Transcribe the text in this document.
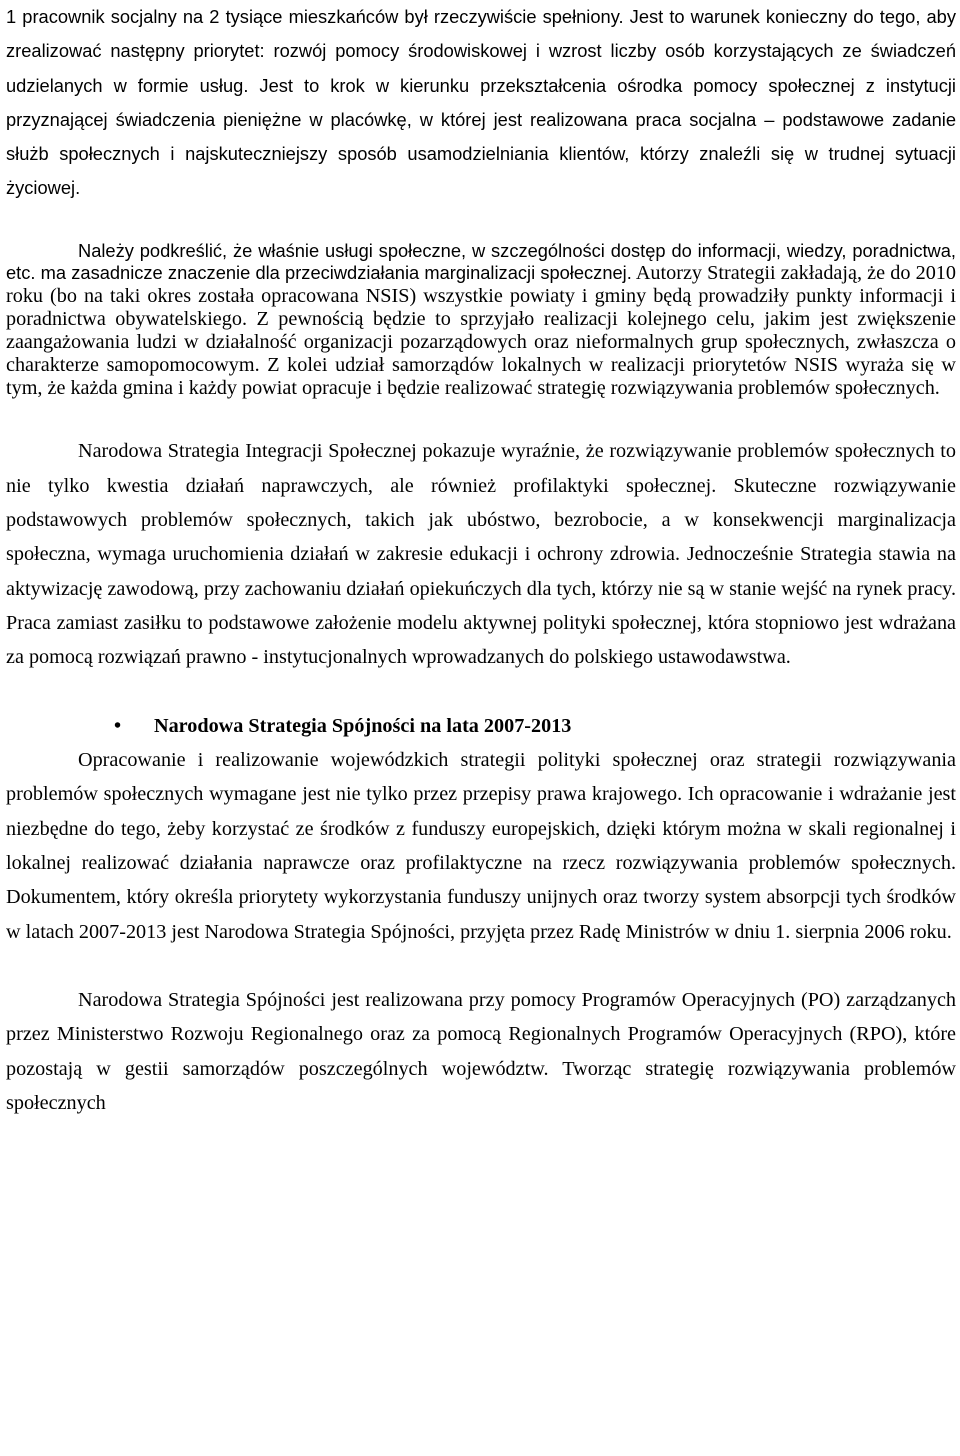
1 pracownik socjalny na 2 tysiące mieszkańców był rzeczywiście spełniony. Jest to warunek konieczny do tego, aby zrealizować następny priorytet: rozwój pomocy środowiskowej i wzrost liczby osób korzystających ze świadczeń udzielanych w formie usług. Jest to krok w kierunku przekształcenia ośrodka pomocy społecznej z instytucji przyznającej świadczenia pieniężne w placówkę, w której jest realizowana praca socjalna – podstawowe zadanie służb społecznych i najskuteczniejszy sposób usamodzielniania klientów, którzy znaleźli się w trudnej sytuacji życiowej.

Należy podkreślić, że właśnie usługi społeczne, w szczególności dostęp do informacji, wiedzy, poradnictwa, etc. ma zasadnicze znaczenie dla przeciwdziałania marginalizacji społecznej. Autorzy Strategii zakładają, że do 2010 roku (bo na taki okres została opracowana NSIS) wszystkie powiaty i gminy będą prowadziły punkty informacji i poradnictwa obywatelskiego. Z pewnością będzie to sprzyjało realizacji kolejnego celu, jakim jest zwiększenie zaangażowania ludzi w działalność organizacji pozarządowych oraz nieformalnych grup społecznych, zwłaszcza o charakterze samopomocowym. Z kolei udział samorządów lokalnych w realizacji priorytetów NSIS wyraża się w tym, że każda gmina i każdy powiat opracuje i będzie realizować strategię rozwiązywania problemów społecznych.

Narodowa Strategia Integracji Społecznej pokazuje wyraźnie, że rozwiązywanie problemów społecznych to nie tylko kwestia działań naprawczych, ale również profilaktyki społecznej. Skuteczne rozwiązywanie podstawowych problemów społecznych, takich jak ubóstwo, bezrobocie, a w konsekwencji marginalizacja społeczna, wymaga uruchomienia działań w zakresie edukacji i ochrony zdrowia. Jednocześnie Strategia stawia na aktywizację zawodową, przy zachowaniu działań opiekuńczych dla tych, którzy nie są w stanie wejść na rynek pracy. Praca zamiast zasiłku to podstawowe założenie modelu aktywnej polityki społecznej, która stopniowo jest wdrażana za pomocą rozwiązań prawno - instytucjonalnych wprowadzanych do polskiego ustawodawstwa.

• Narodowa Strategia Spójności na lata 2007-2013

Opracowanie i realizowanie wojewódzkich strategii polityki społecznej oraz strategii rozwiązywania problemów społecznych wymagane jest nie tylko przez przepisy prawa krajowego. Ich opracowanie i wdrażanie jest niezbędne do tego, żeby korzystać ze środków z funduszy europejskich, dzięki którym można w skali regionalnej i lokalnej realizować działania naprawcze oraz profilaktyczne na rzecz rozwiązywania problemów społecznych. Dokumentem, który określa priorytety wykorzystania funduszy unijnych oraz tworzy system absorpcji tych środków w latach 2007-2013 jest Narodowa Strategia Spójności, przyjęta przez Radę Ministrów w dniu 1. sierpnia 2006 roku.

Narodowa Strategia Spójności jest realizowana przy pomocy Programów Operacyjnych (PO) zarządzanych przez Ministerstwo Rozwoju Regionalnego oraz za pomocą Regionalnych Programów Operacyjnych (RPO), które pozostają w gestii samorządów poszczególnych województw. Tworząc strategię rozwiązywania problemów społecznych
